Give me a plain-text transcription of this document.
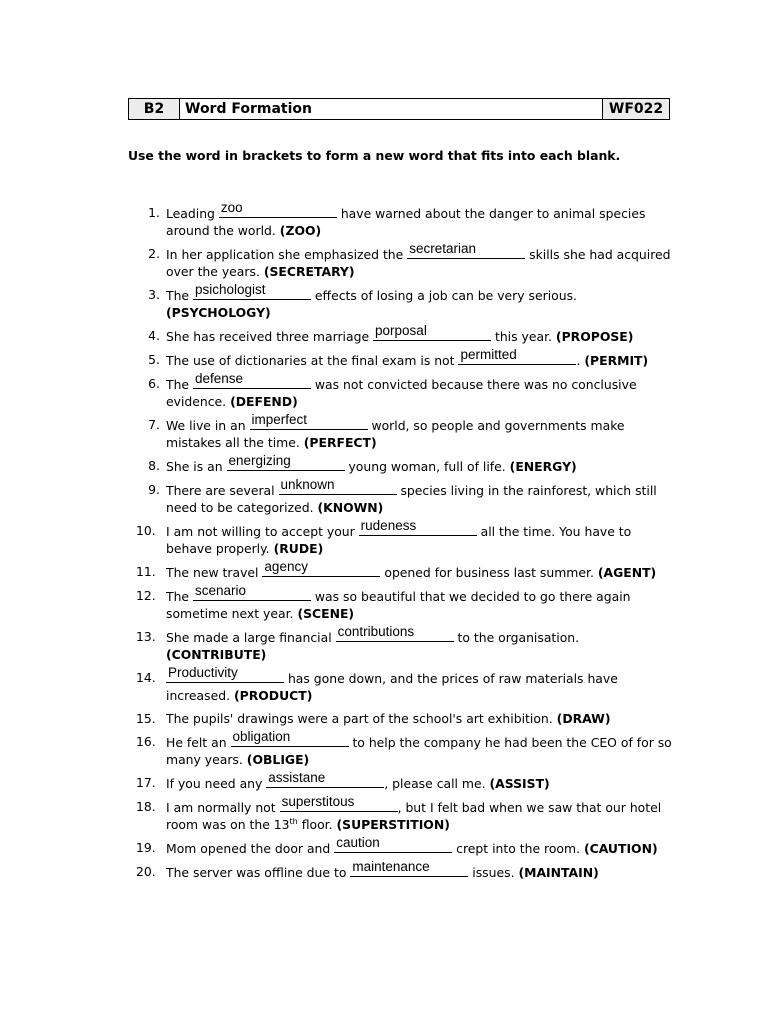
B2	Word Formation	WF022
Use the word in brackets to form a new word that fits into each blank.
1. Leading zoo	have warned about the danger to animal species around the world. (ZOO)
2. In her application she emphasized the secretarian	skills she had acquired over the years. (SECRETARY)
3. The psichologist	effects of losing a job can be very serious. (PSYCHOLOGY)
4. She has received three marriage porposal	this year. (PROPOSE)
5. The use of dictionaries at the final exam is not permitted	. (PERMIT)
6. The defense	was not convicted because there was no conclusive evidence. (DEFEND)
7. We live in an imperfect	world, so people and governments make mistakes all the time. (PERFECT)
8. She is an energizing	young woman, full of life. (ENERGY)
9. There are several unknown	species living in the rainforest, which still need to be categorized. (KNOWN)
10. I am not willing to accept your rudeness	all the time. You have to behave properly. (RUDE)
11. The new travel agency	opened for business last summer. (AGENT)
12. The scenario	was so beautiful that we decided to go there again sometime next year. (SCENE)
13. She made a large financial contributions	to the organisation. (CONTRIBUTE)
14. Productivity	has gone down, and the prices of raw materials have increased. (PRODUCT)
15. The pupils' drawings were a part of the school's art exhibition. (DRAW)
16. He felt an obligation	to help the company he had been the CEO of for so many years. (OBLIGE)
17. If you need any assistane	, please call me. (ASSIST)
18. I am normally not superstitous	, but I felt bad when we saw that our hotel room was on the 13th floor. (SUPERSTITION)
19. Mom opened the door and caution	crept into the room. (CAUTION)
20. The server was offline due to maintenance	issues. (MAINTAIN)
